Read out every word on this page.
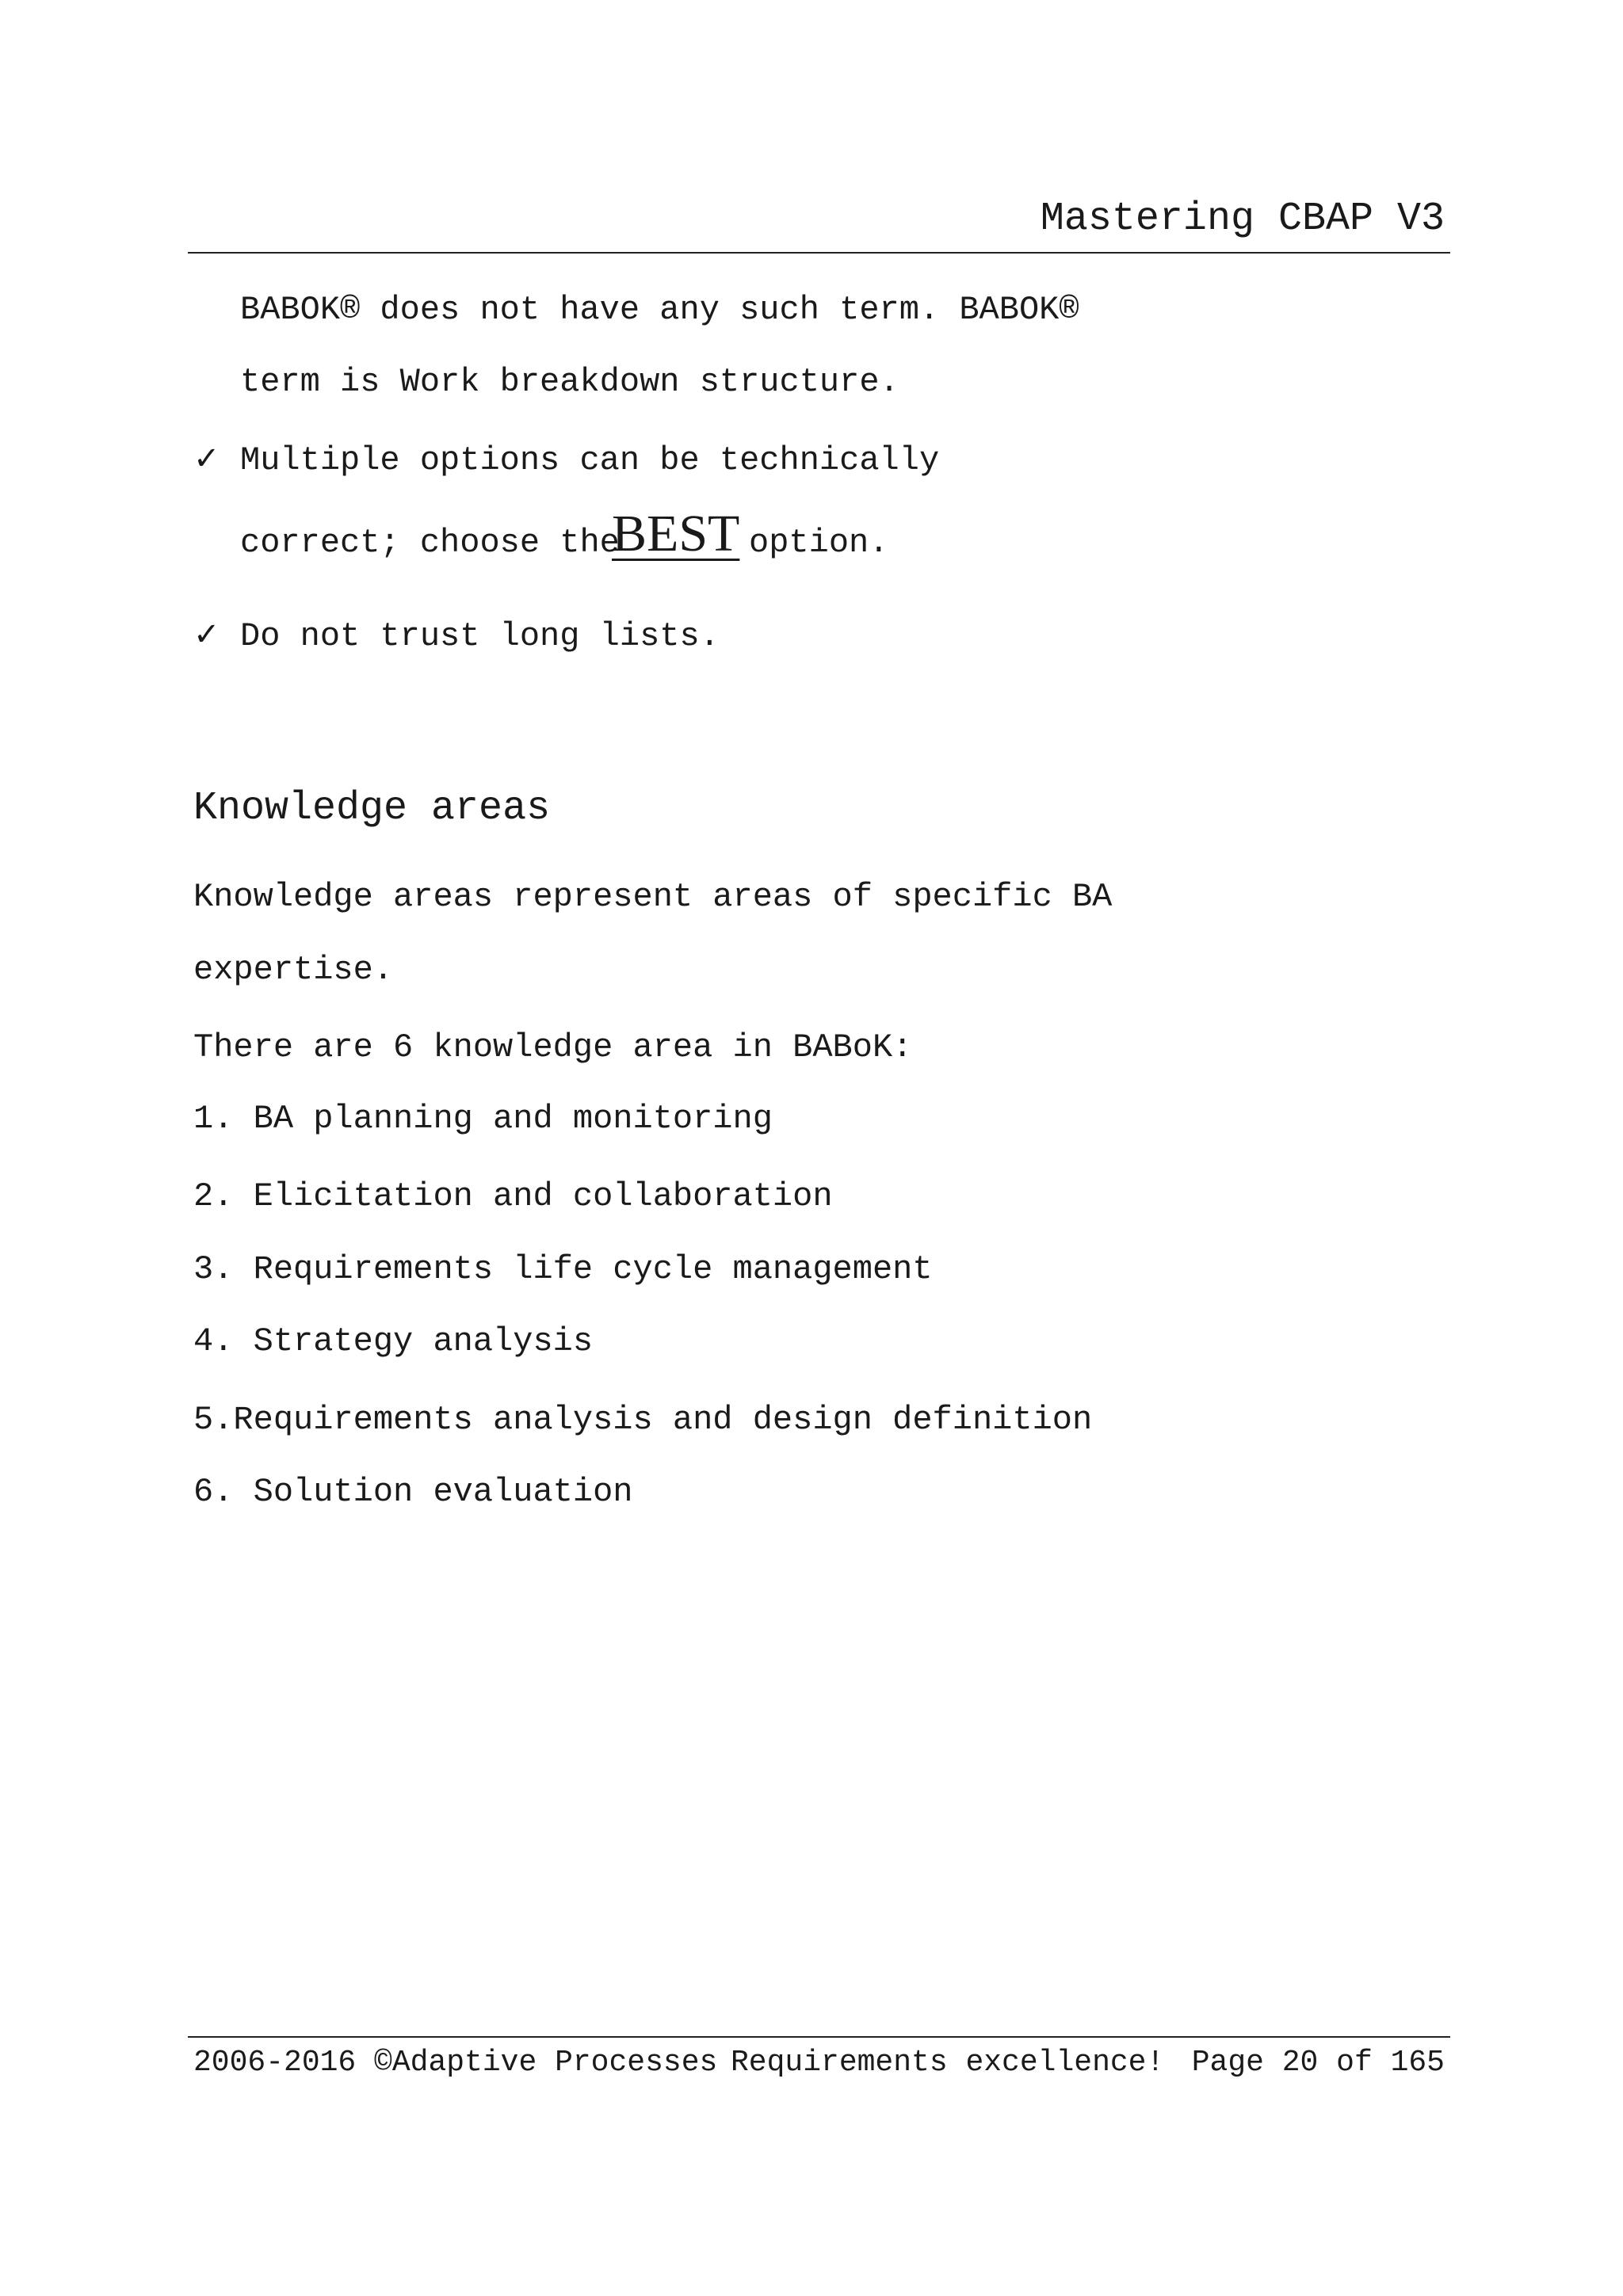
Mastering CBAP V3
BABOK® does not have any such term. BABOK®
term is Work breakdown structure.
✓ Multiple options can be technically
correct; choose the
BEST option.
✓ Do not trust long lists.
Knowledge areas
Knowledge areas represent areas of specific BA
expertise.
There are 6 knowledge area in BABoK:
1. BA planning and monitoring
2. Elicitation and collaboration
3. Requirements life cycle management
4. Strategy analysis
5.Requirements analysis and design definition
6. Solution evaluation
2006-2016 ©Adaptive Processes Requirements excellence! Page 20 of 165
